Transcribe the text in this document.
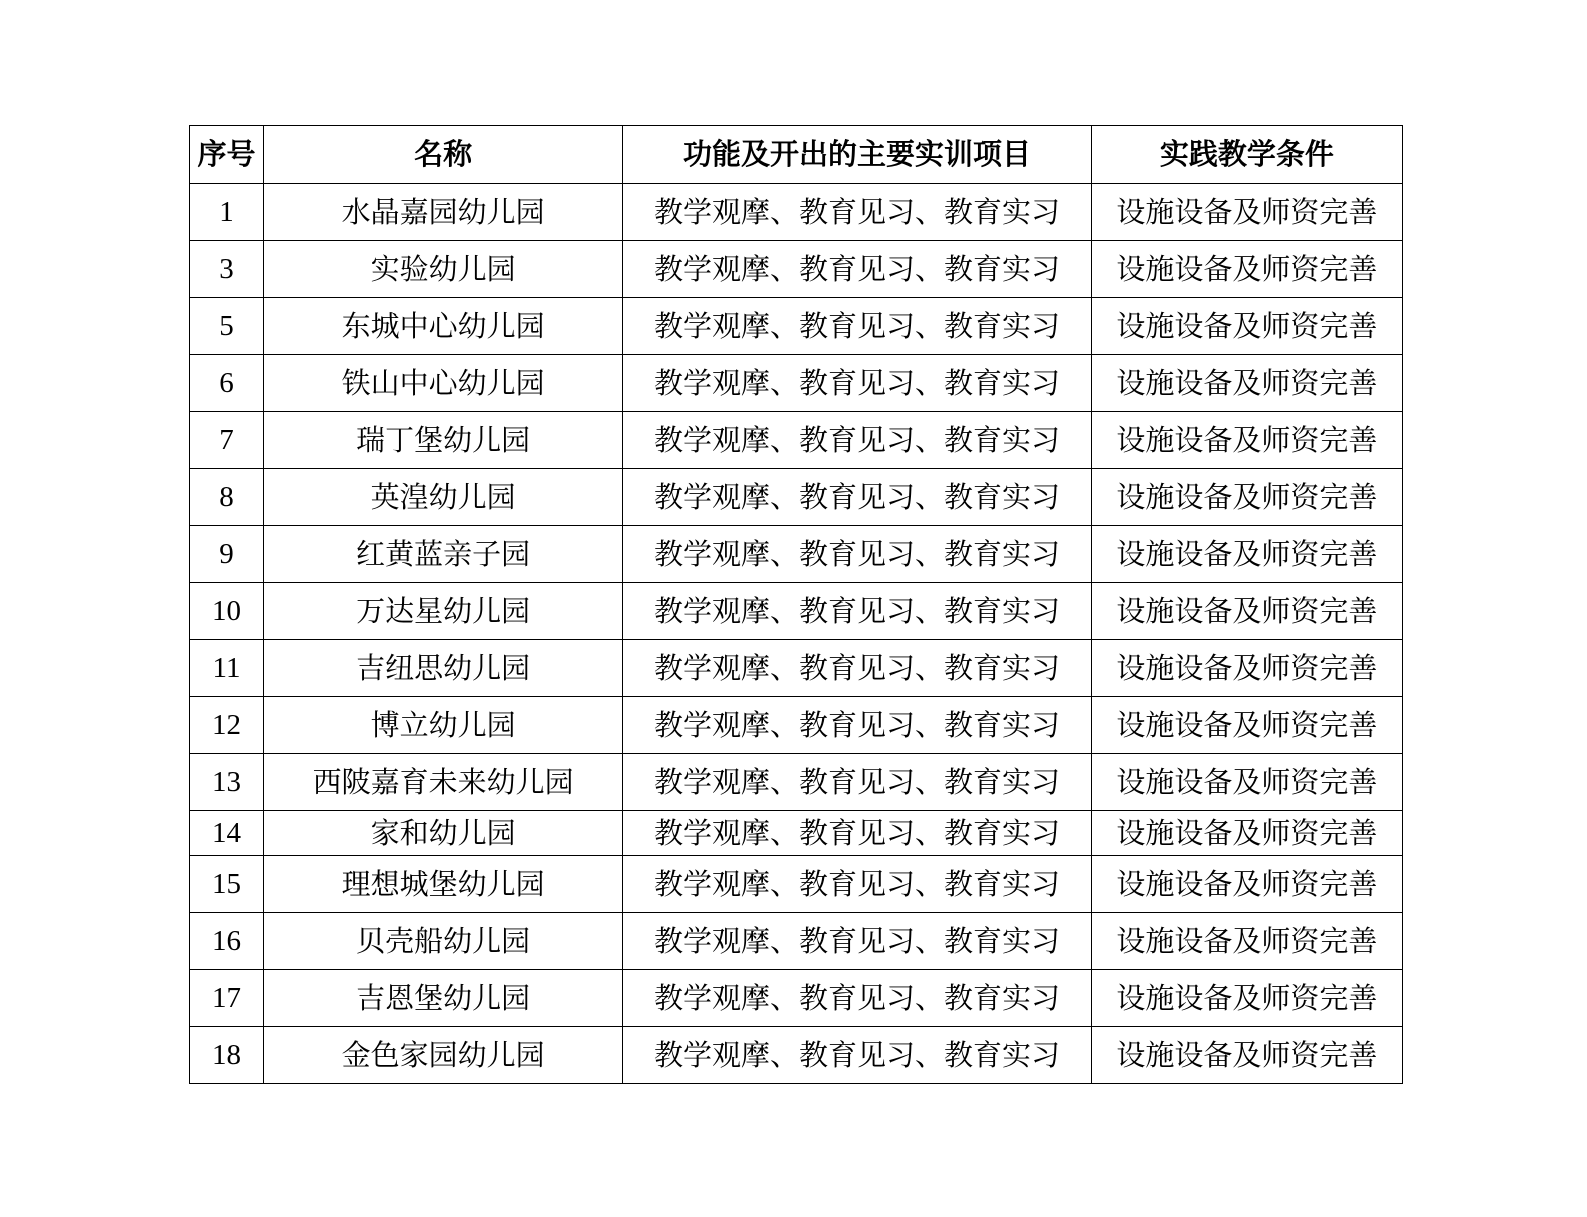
序号	名称	功能及开出的主要实训项目	实践教学条件
1	水晶嘉园幼儿园	教学观摩、教育见习、教育实习	设施设备及师资完善
3	实验幼儿园	教学观摩、教育见习、教育实习	设施设备及师资完善
5	东城中心幼儿园	教学观摩、教育见习、教育实习	设施设备及师资完善
6	铁山中心幼儿园	教学观摩、教育见习、教育实习	设施设备及师资完善
7	瑞丁堡幼儿园	教学观摩、教育见习、教育实习	设施设备及师资完善
8	英湟幼儿园	教学观摩、教育见习、教育实习	设施设备及师资完善
9	红黄蓝亲子园	教学观摩、教育见习、教育实习	设施设备及师资完善
10	万达星幼儿园	教学观摩、教育见习、教育实习	设施设备及师资完善
11	吉纽思幼儿园	教学观摩、教育见习、教育实习	设施设备及师资完善
12	博立幼儿园	教学观摩、教育见习、教育实习	设施设备及师资完善
13	西陂嘉育未来幼儿园	教学观摩、教育见习、教育实习	设施设备及师资完善
14	家和幼儿园	教学观摩、教育见习、教育实习	设施设备及师资完善
15	理想城堡幼儿园	教学观摩、教育见习、教育实习	设施设备及师资完善
16	贝壳船幼儿园	教学观摩、教育见习、教育实习	设施设备及师资完善
17	吉恩堡幼儿园	教学观摩、教育见习、教育实习	设施设备及师资完善
18	金色家园幼儿园	教学观摩、教育见习、教育实习	设施设备及师资完善
